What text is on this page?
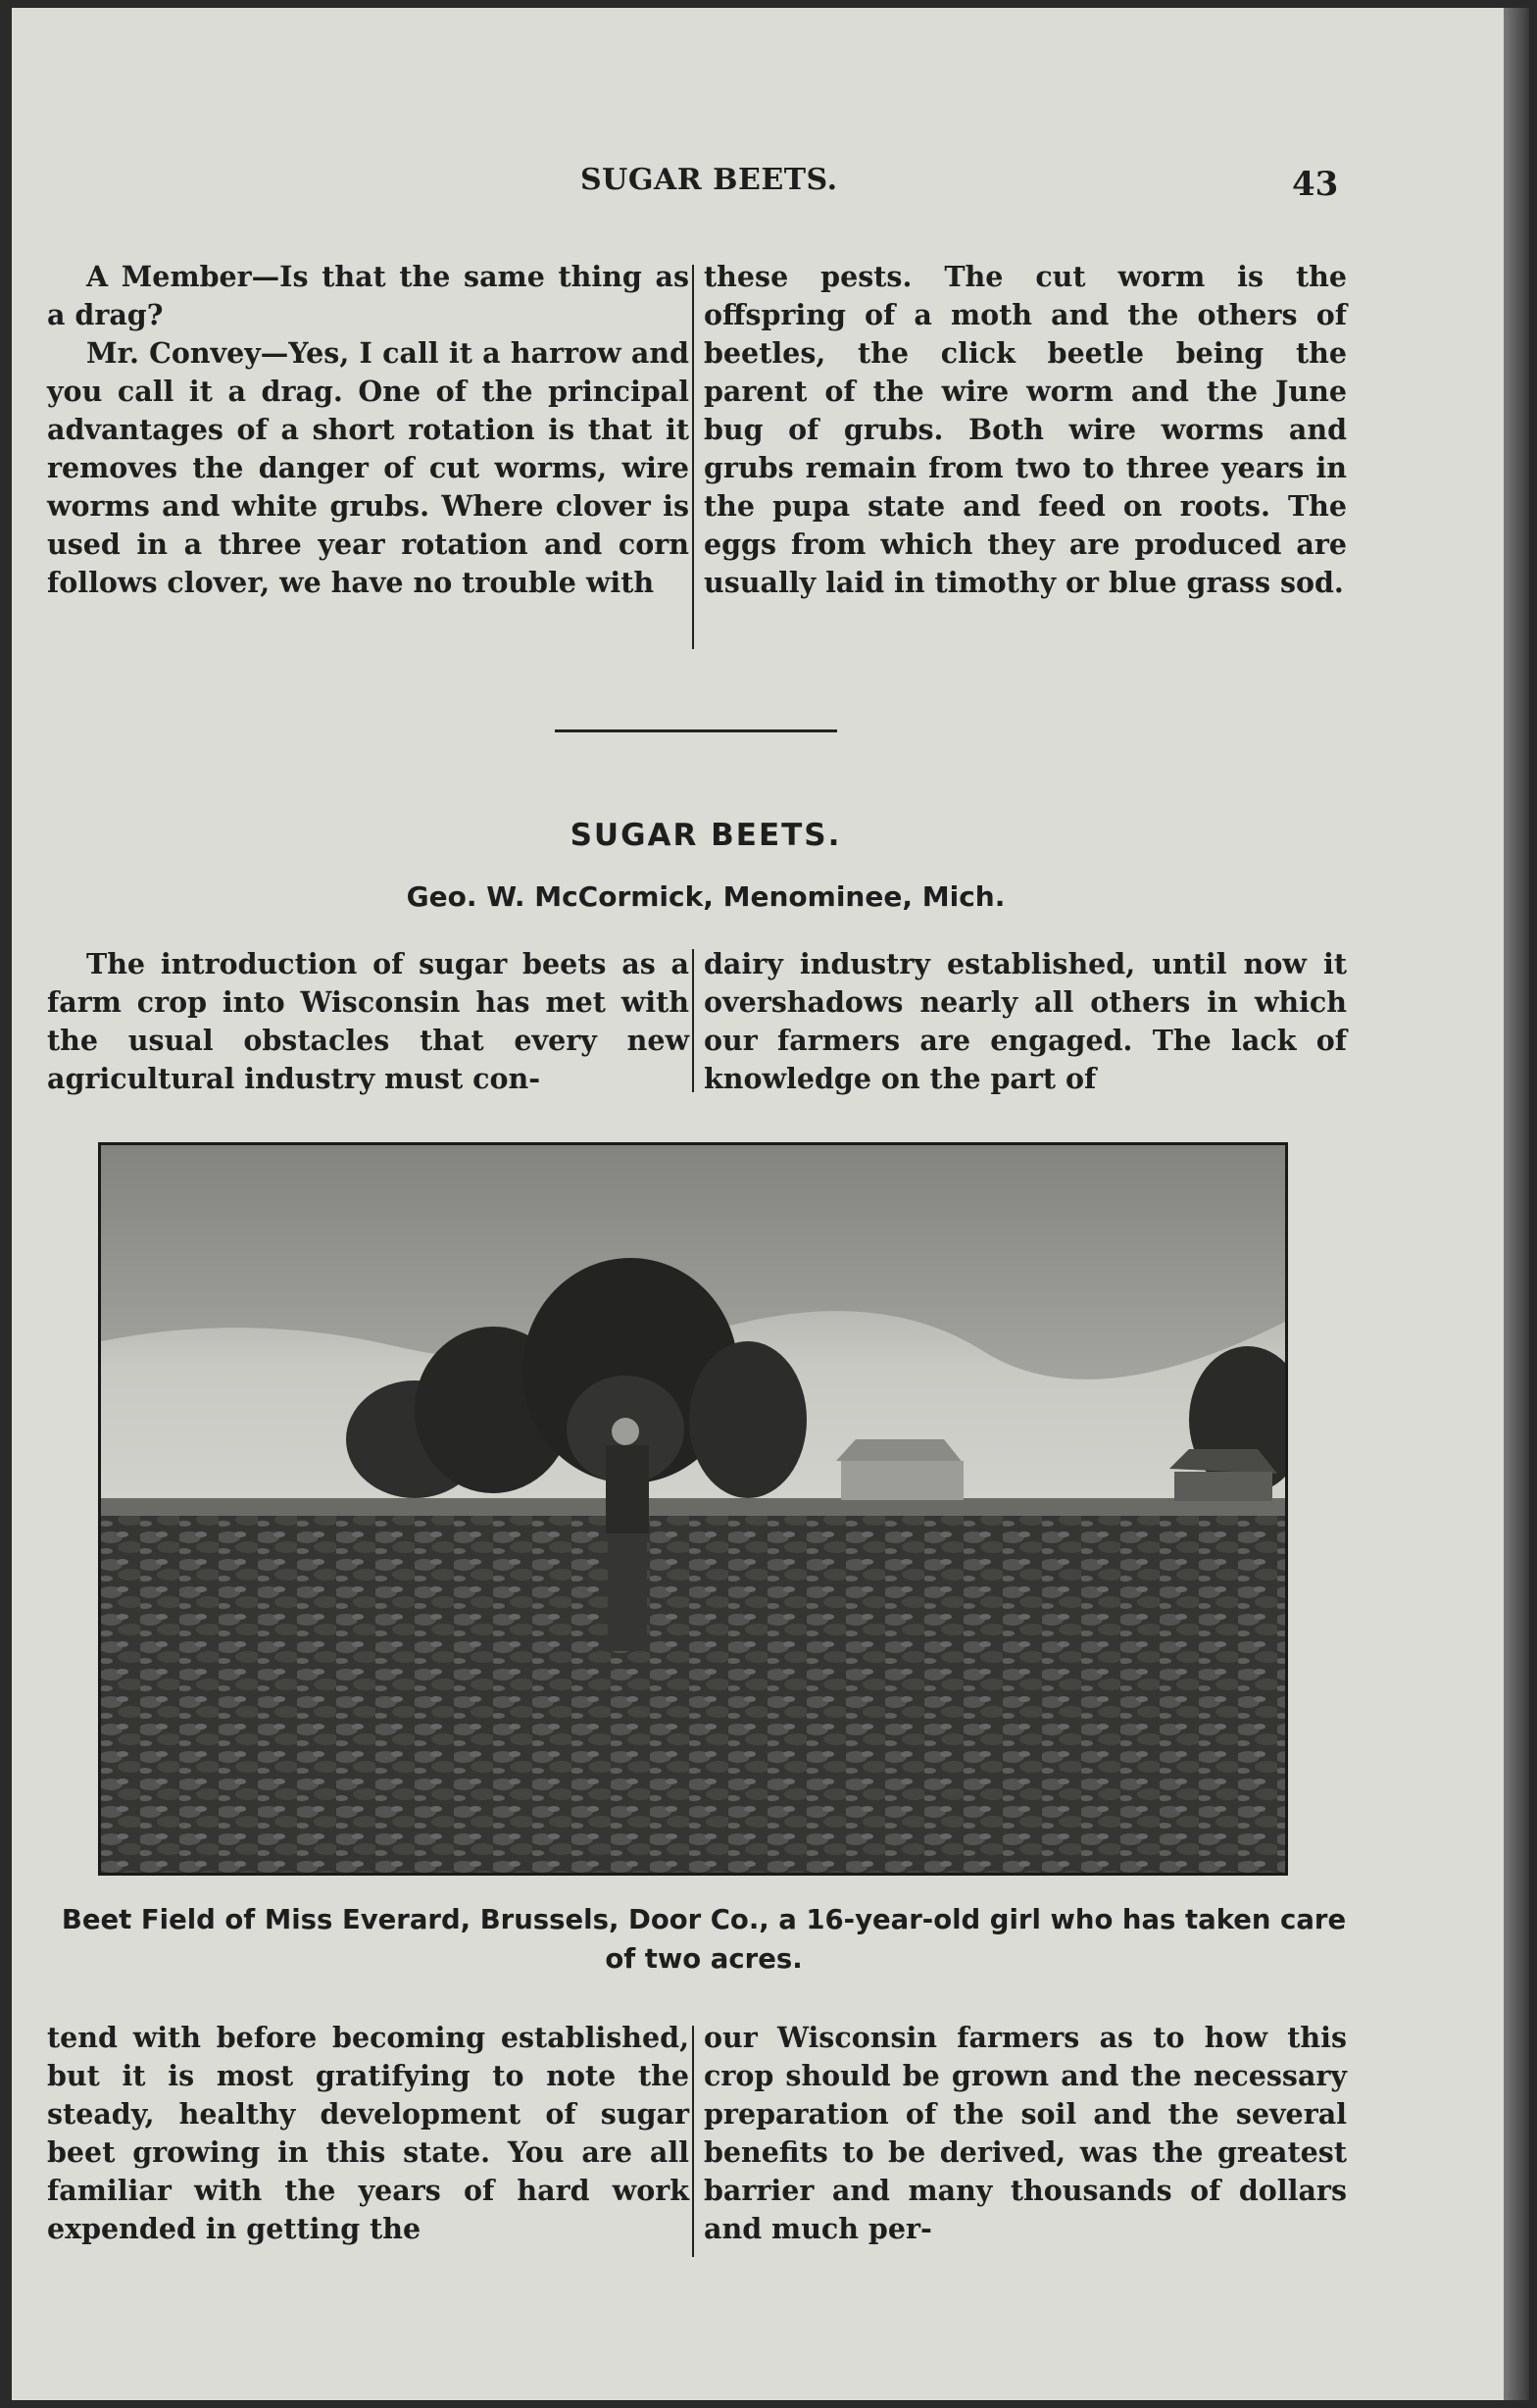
SUGAR BEETS.	43

A Member—Is that the same thing as a drag?

Mr. Convey—Yes, I call it a harrow and you call it a drag. One of the principal advantages of a short rotation is that it removes the danger of cut worms, wire worms and white grubs. Where clover is used in a three year rotation and corn follows clover, we have no trouble with

these pests. The cut worm is the offspring of a moth and the others of beetles, the click beetle being the parent of the wire worm and the June bug of grubs. Both wire worms and grubs remain from two to three years in the pupa state and feed on roots. The eggs from which they are produced are usually laid in timothy or blue grass sod.

SUGAR BEETS.
Geo. W. McCormick, Menominee, Mich.

The introduction of sugar beets as a farm crop into Wisconsin has met with the usual obstacles that every new agricultural industry must con-

dairy industry established, until now it overshadows nearly all others in which our farmers are engaged. The lack of knowledge on the part of

Beet Field of Miss Everard, Brussels, Door Co., a 16-year-old girl who has taken care of two acres.

tend with before becoming established, but it is most gratifying to note the steady, healthy development of sugar beet growing in this state. You are all familiar with the years of hard work expended in getting the

our Wisconsin farmers as to how this crop should be grown and the necessary preparation of the soil and the several benefits to be derived, was the greatest barrier and many thousands of dollars and much per-
